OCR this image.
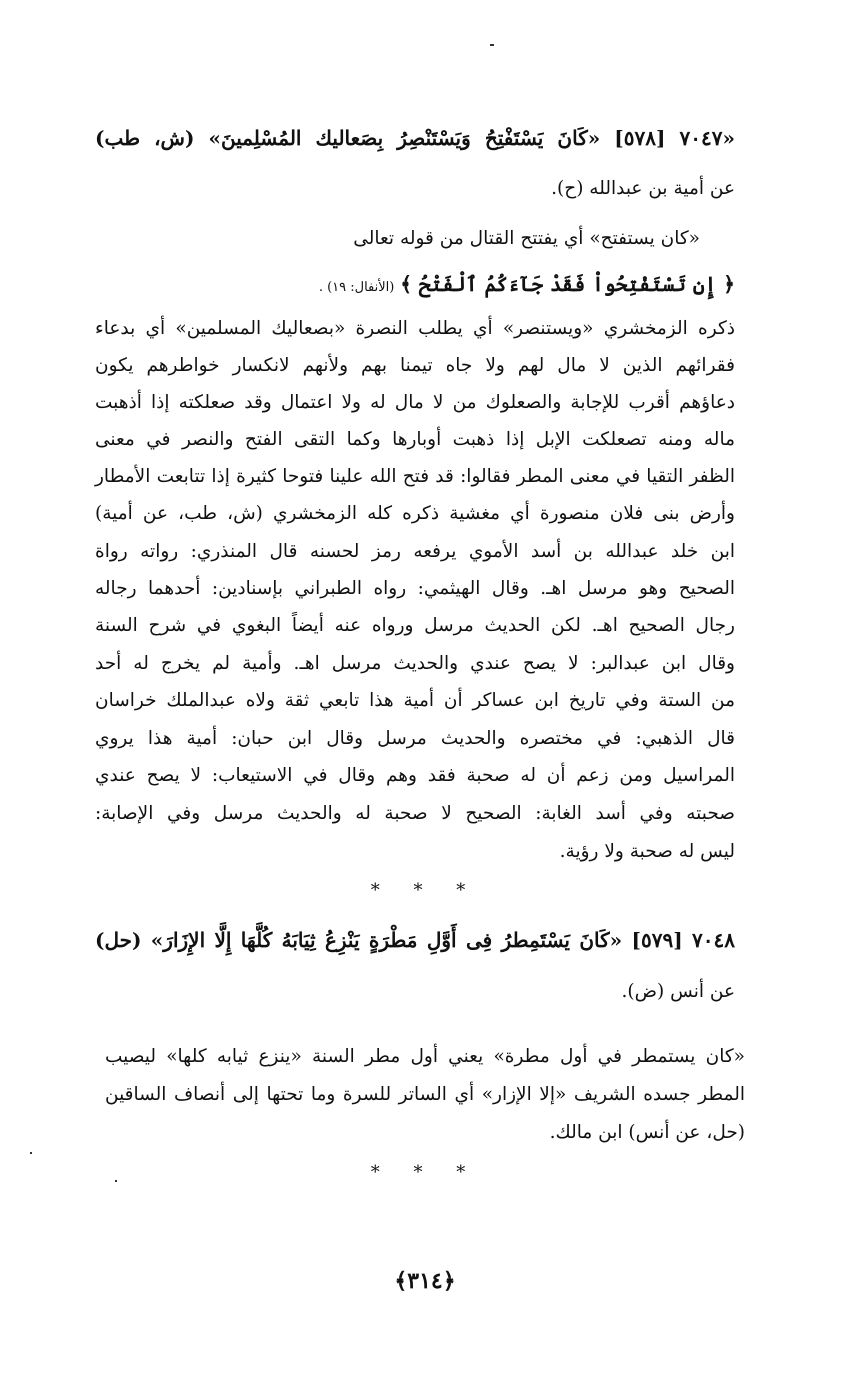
«٧٠٤٧ [٥٧٨] «كَانَ يَسْتَفْتِحُ وَيَسْتَنْصِرُ بِصَعاليك المُسْلِمينَ» (ش، طب)
عن أمية بن عبدالله (ح).
«كان يستفتح» أي يفتتح القتال من قوله تعالى
﴿ إِن تَسْتَفْتِحُواْ فَقَدْ جَآءَكُمُ ٱلْفَتْحُ ﴾ (الأنفال: ١٩) .
ذكره الزمخشري «ويستنصر» أي يطلب النصرة «بصعاليك المسلمين» أي بدعاء
فقرائهم الذين لا مال لهم ولا جاه تيمنا بهم ولأنهم لانكسار خواطرهم يكون
دعاؤهم أقرب للإجابة والصعلوك من لا مال له ولا اعتمال وقد صعلكته إذا أذهبت
ماله ومنه تصعلكت الإبل إذا ذهبت أوبارها وكما التقى الفتح والنصر في معنى
الظفر التقيا في معنى المطر فقالوا: قد فتح الله علينا فتوحا كثيرة إذا تتابعت الأمطار
وأرض بنى فلان منصورة أي مغشية ذكره كله الزمخشري (ش، طب، عن أمية)
ابن خلد عبدالله بن أسد الأموي يرفعه رمز لحسنه قال المنذري: رواته رواة
الصحيح وهو مرسل اهـ. وقال الهيثمي: رواه الطبراني بإسنادين: أحدهما رجاله
رجال الصحيح اهـ. لكن الحديث مرسل ورواه عنه أيضاً البغوي في شرح السنة
وقال ابن عبدالبر: لا يصح عندي والحديث مرسل اهـ. وأمية لم يخرج له أحد
من الستة وفي تاريخ ابن عساكر أن أمية هذا تابعي ثقة ولاه عبدالملك خراسان
قال الذهبي: في مختصره والحديث مرسل وقال ابن حبان: أمية هذا يروي
المراسيل ومن زعم أن له صحبة فقد وهم وقال في الاستيعاب: لا يصح عندي
صحبته وفي أسد الغابة: الصحيح لا صحبة له والحديث مرسل وفي الإصابة:
ليس له صحبة ولا رؤية.
* * *
٧٠٤٨ [٥٧٩] «كَانَ يَسْتَمِطرُ فِى أَوَّلِ مَطْرَةٍ يَنْزِعُ ثِيَابَهُ كُلَّهَا إِلَّا الإِزَارَ» (حل)
عن أنس (ض).
«كان يستمطر في أول مطرة» يعني أول مطر السنة «ينزع ثيابه كلها» ليصيب
المطر جسده الشريف «إلا الإزار» أي الساتر للسرة وما تحتها إلى أنصاف الساقين
(حل، عن أنس) ابن مالك.
* * *
﴿٣١٤﴾
